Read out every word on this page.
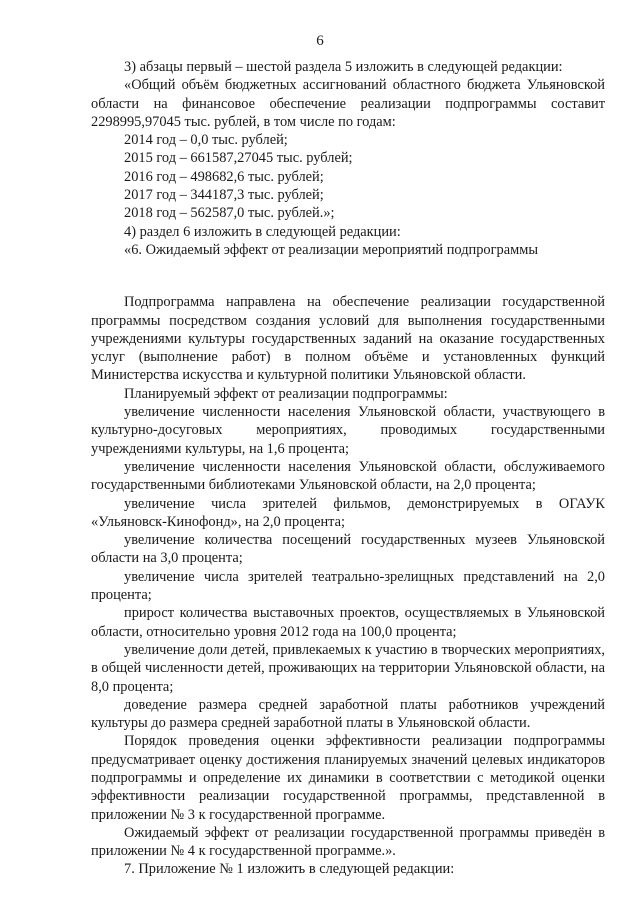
6

3) абзацы первый – шестой раздела 5 изложить в следующей редакции:

«Общий объём бюджетных ассигнований областного бюджета Ульяновской области на финансовое обеспечение реализации подпрограммы составит 2298995,97045 тыс. рублей, в том числе по годам:

2014 год – 0,0 тыс. рублей;

2015 год – 661587,27045 тыс. рублей;

2016 год – 498682,6 тыс. рублей;

2017 год – 344187,3 тыс. рублей;

2018 год – 562587,0 тыс. рублей.»;

4) раздел 6 изложить в следующей редакции:

«6. Ожидаемый эффект от реализации мероприятий подпрограммы

Подпрограмма направлена на обеспечение реализации государственной программы посредством создания условий для выполнения государственными учреждениями культуры государственных заданий на оказание государственных услуг (выполнение работ) в полном объёме и установленных функций Министерства искусства и культурной политики Ульяновской области.

Планируемый эффект от реализации подпрограммы:

увеличение численности населения Ульяновской области, участвующего в культурно-досуговых мероприятиях, проводимых государственными учреждениями культуры, на 1,6 процента;

увеличение численности населения Ульяновской области, обслуживаемого государственными библиотеками Ульяновской области, на 2,0 процента;

увеличение числа зрителей фильмов, демонстрируемых в ОГАУК «Ульяновск-Кинофонд», на 2,0 процента;

увеличение количества посещений государственных музеев Ульяновской области на 3,0 процента;

увеличение числа зрителей театрально-зрелищных представлений на 2,0 процента;

прирост количества выставочных проектов, осуществляемых в Ульяновской области, относительно уровня 2012 года на 100,0 процента;

увеличение доли детей, привлекаемых к участию в творческих мероприятиях, в общей численности детей, проживающих на территории Ульяновской области, на 8,0 процента;

доведение размера средней заработной платы работников учреждений культуры до размера средней заработной платы в Ульяновской области.

Порядок проведения оценки эффективности реализации подпрограммы предусматривает оценку достижения планируемых значений целевых индикаторов подпрограммы и определение их динамики в соответствии с методикой оценки эффективности реализации государственной программы, представленной в приложении № 3 к государственной программе.

Ожидаемый эффект от реализации государственной программы приведён в приложении № 4 к государственной программе.».

7. Приложение № 1 изложить в следующей редакции:
